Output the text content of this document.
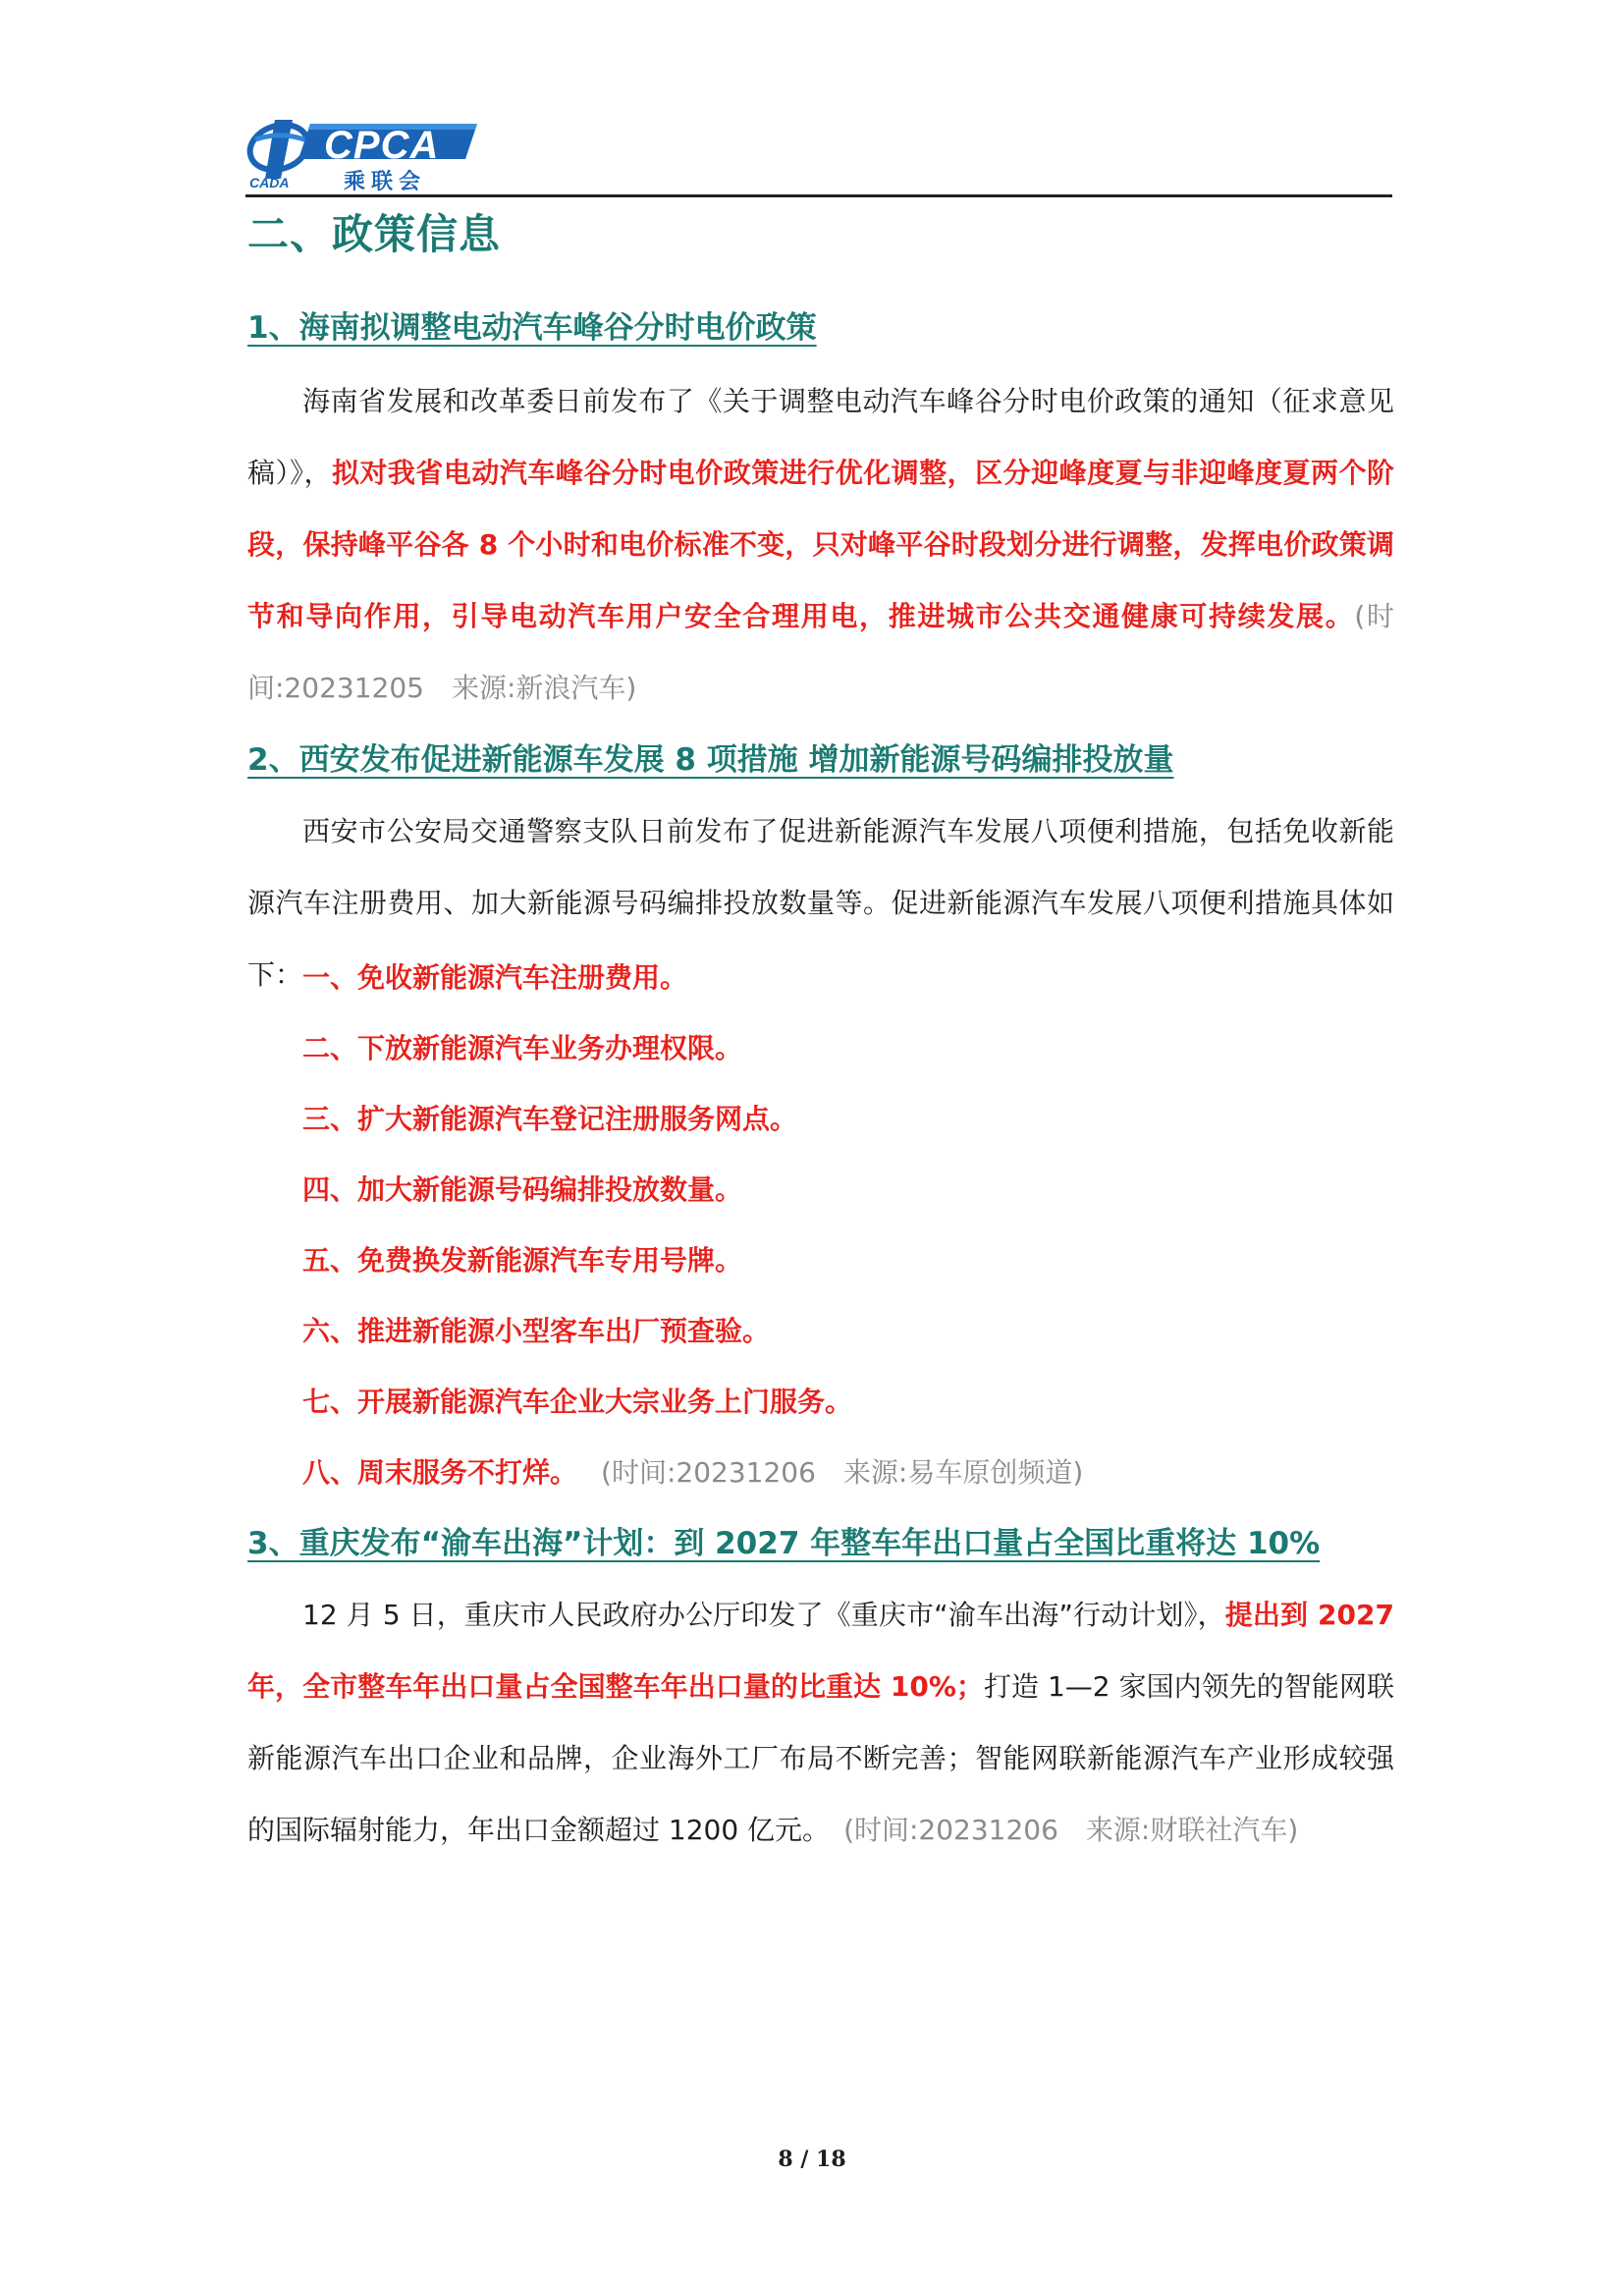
CPCA
乘联会
CADA
二、政策信息
1、海南拟调整电动汽车峰谷分时电价政策
海南省发展和改革委日前发布了《关于调整电动汽车峰谷分时电价政策的通知（征求意见稿）》，拟对我省电动汽车峰谷分时电价政策进行优化调整，区分迎峰度夏与非迎峰度夏两个阶段，保持峰平谷各 8 个小时和电价标准不变，只对峰平谷时段划分进行调整，发挥电价政策调节和导向作用，引导电动汽车用户安全合理用电，推进城市公共交通健康可持续发展。(时间:20231205　来源:新浪汽车)
2、西安发布促进新能源车发展 8 项措施 增加新能源号码编排投放量
西安市公安局交通警察支队日前发布了促进新能源汽车发展八项便利措施，包括免收新能源汽车注册费用、加大新能源号码编排投放数量等。促进新能源汽车发展八项便利措施具体如下： 一、免收新能源汽车注册费用。
二、下放新能源汽车业务办理权限。
三、扩大新能源汽车登记注册服务网点。
四、加大新能源号码编排投放数量。
五、免费换发新能源汽车专用号牌。
六、推进新能源小型客车出厂预查验。
七、开展新能源汽车企业大宗业务上门服务。
八、周末服务不打烊。 (时间:20231206　来源:易车原创频道)
3、重庆发布“渝车出海”计划：到 2027 年整车年出口量占全国比重将达 10%
12 月 5 日，重庆市人民政府办公厅印发了《重庆市“渝车出海”行动计划》，提出到 2027 年，全市整车年出口量占全国整车年出口量的比重达 10%；打造 1—2 家国内领先的智能网联新能源汽车出口企业和品牌，企业海外工厂布局不断完善；智能网联新能源汽车产业形成较强的国际辐射能力，年出口金额超过 1200 亿元。 (时间:20231206　来源:财联社汽车)
8 / 18
